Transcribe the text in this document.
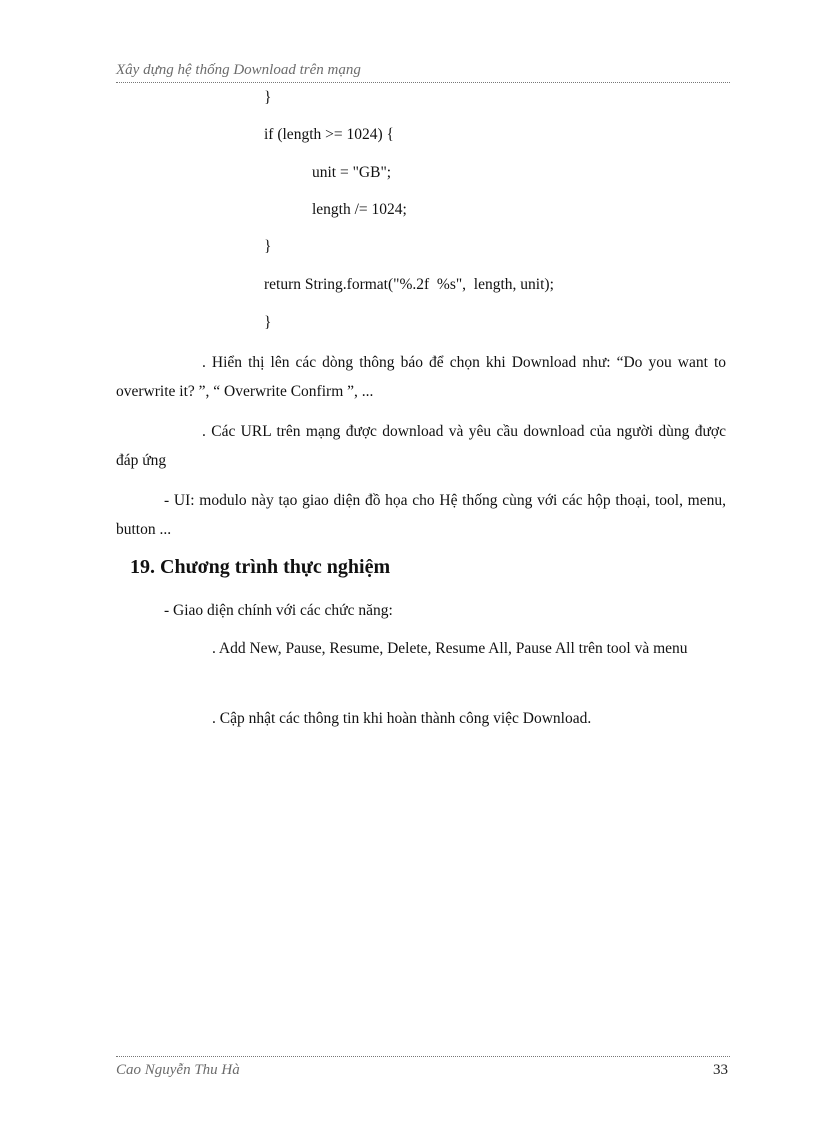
Xây dựng hệ thống Download trên mạng
}
if (length >= 1024) {
unit = "GB";
length /= 1024;
}
return String.format("%.2f  %s",  length, unit);
}
. Hiển thị lên các dòng thông báo để chọn khi Download như: “Do you want to overwrite it? ”, “ Overwrite Confirm ”, ...
. Các URL trên mạng được download và yêu cầu download của người dùng được đáp ứng
- UI: modulo này tạo giao diện đồ họa cho Hệ thống cùng với các hộp thoại, tool, menu, button ...
19. Chương trình thực nghiệm
- Giao diện chính với các chức năng:
. Add New, Pause, Resume, Delete, Resume All, Pause All trên tool và menu
. Cập nhật các thông tin khi hoàn thành công việc Download.
Cao Nguyễn Thu Hà	33
